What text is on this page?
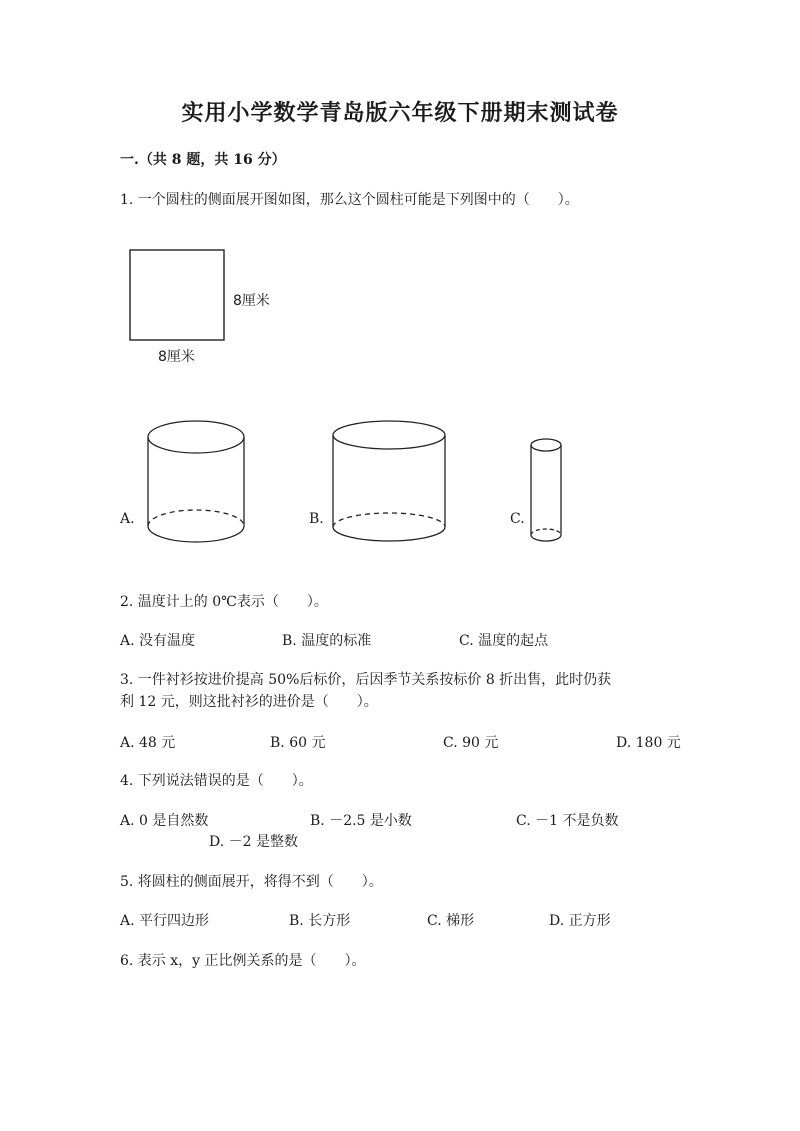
实用小学数学青岛版六年级下册期末测试卷
一.（共 8 题，共 16 分）
1. 一个圆柱的侧面展开图如图，那么这个圆柱可能是下列图中的（　　）。
8厘米
8厘米
A.	B.	C.
2. 温度计上的 0℃表示（　　）。
A. 没有温度	B. 温度的标准	C. 温度的起点
3. 一件衬衫按进价提高 50%后标价，后因季节关系按标价 8 折出售，此时仍获
利 12 元，则这批衬衫的进价是（　　）。
A. 48 元	B. 60 元	C. 90 元	D. 180 元
4. 下列说法错误的是（　　）。
A. 0 是自然数	B. －2.5 是小数	C. －1 不是负数
D. －2 是整数
5. 将圆柱的侧面展开，将得不到（　　）。
A. 平行四边形	B. 长方形	C. 梯形	D. 正方形
6. 表示 x，y 正比例关系的是（　　）。
